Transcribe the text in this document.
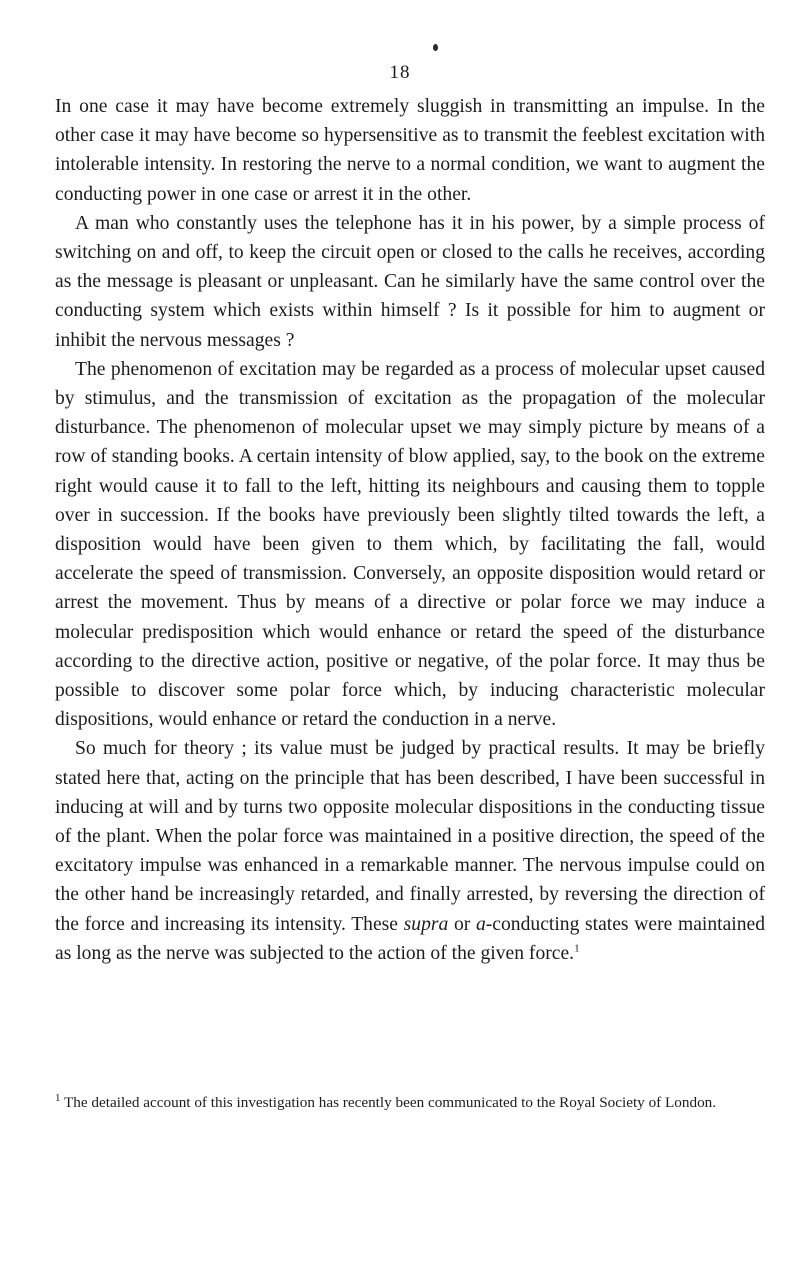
18

In one case it may have become extremely sluggish in transmitting an impulse. In the other case it may have become so hypersensitive as to transmit the feeblest excitation with intolerable intensity. In restoring the nerve to a normal condition, we want to augment the conducting power in one case or arrest it in the other.

A man who constantly uses the telephone has it in his power, by a simple process of switching on and off, to keep the circuit open or closed to the calls he receives, according as the message is pleasant or unpleasant. Can he similarly have the same control over the conducting system which exists within himself ? Is it possible for him to augment or inhibit the nervous messages ?

The phenomenon of excitation may be regarded as a process of molecular upset caused by stimulus, and the transmission of excitation as the propagation of the molecular disturbance. The phenomenon of molecular upset we may simply picture by means of a row of standing books. A certain intensity of blow applied, say, to the book on the extreme right would cause it to fall to the left, hitting its neighbours and causing them to topple over in succession. If the books have previously been slightly tilted towards the left, a disposition would have been given to them which, by facilitating the fall, would accelerate the speed of transmission. Conversely, an opposite disposition would retard or arrest the movement. Thus by means of a directive or polar force we may induce a molecular predisposition which would enhance or retard the speed of the disturbance according to the directive action, positive or negative, of the polar force. It may thus be possible to discover some polar force which, by inducing characteristic molecular dispositions, would enhance or retard the conduction in a nerve.

So much for theory ; its value must be judged by practical results. It may be briefly stated here that, acting on the principle that has been described, I have been successful in inducing at will and by turns two opposite molecular dispositions in the conducting tissue of the plant. When the polar force was maintained in a positive direction, the speed of the excitatory impulse was enhanced in a remarkable manner. The nervous impulse could on the other hand be increasingly retarded, and finally arrested, by reversing the direction of the force and increasing its intensity. These supra or a-conducting states were maintained as long as the nerve was subjected to the action of the given force.$^1$

$^1$ The detailed account of this investigation has recently been communicated to the Royal Society of London.
